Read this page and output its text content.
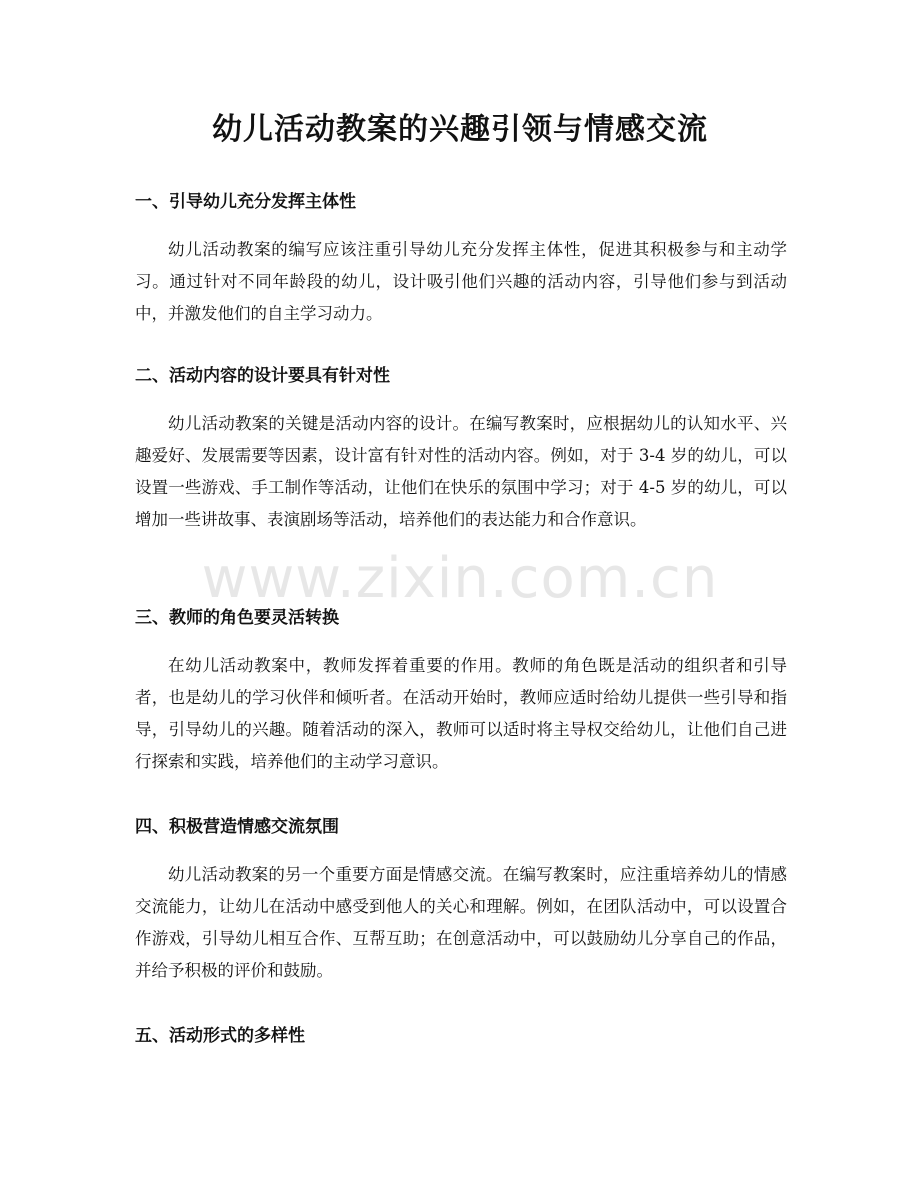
幼儿活动教案的兴趣引领与情感交流
一、引导幼儿充分发挥主体性

幼儿活动教案的编写应该注重引导幼儿充分发挥主体性，促进其积极参与和主动学习。通过针对不同年龄段的幼儿，设计吸引他们兴趣的活动内容，引导他们参与到活动中，并激发他们的自主学习动力。

二、活动内容的设计要具有针对性

幼儿活动教案的关键是活动内容的设计。在编写教案时，应根据幼儿的认知水平、兴趣爱好、发展需要等因素，设计富有针对性的活动内容。例如，对于 3-4 岁的幼儿，可以设置一些游戏、手工制作等活动，让他们在快乐的氛围中学习；对于 4-5 岁的幼儿，可以增加一些讲故事、表演剧场等活动，培养他们的表达能力和合作意识。

三、教师的角色要灵活转换

在幼儿活动教案中，教师发挥着重要的作用。教师的角色既是活动的组织者和引导者，也是幼儿的学习伙伴和倾听者。在活动开始时，教师应适时给幼儿提供一些引导和指导，引导幼儿的兴趣。随着活动的深入，教师可以适时将主导权交给幼儿，让他们自己进行探索和实践，培养他们的主动学习意识。

四、积极营造情感交流氛围

幼儿活动教案的另一个重要方面是情感交流。在编写教案时，应注重培养幼儿的情感交流能力，让幼儿在活动中感受到他人的关心和理解。例如，在团队活动中，可以设置合作游戏，引导幼儿相互合作、互帮互助；在创意活动中，可以鼓励幼儿分享自己的作品，并给予积极的评价和鼓励。

五、活动形式的多样性
www.zixin.com.cn
